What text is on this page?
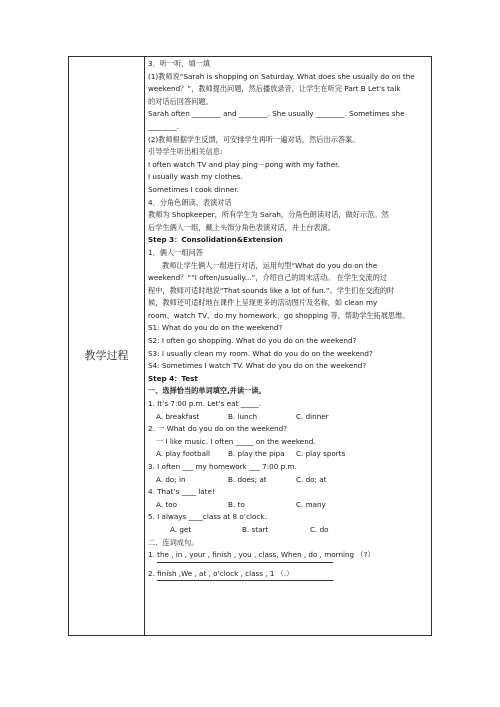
教学过程
3．听一听，填一填
(1)教师说“Sarah is shopping on Saturday. What does she usually do on the
weekend？”，教师提出问题，然后播放录音，让学生在听完 Part B Let's talk
的对话后回答问题。
Sarah often ________ and ________. She usually ________. Sometimes she
________.
(2)教师根据学生反馈，可安排学生再听一遍对话，然后出示答案。
引导学生听出相关信息：
I often watch TV and play ping－pong with my father.
I usually wash my clothes.
Sometimes I cook dinner.
4．分角色朗读、表演对话
教师为 Shopkeeper，所有学生为 Sarah，分角色朗读对话，做好示范。然
后学生俩人一组，戴上头饰分角色表演对话，并上台表演。
Step 3：Consolidation&Extension
1．俩人一组问答
教师让学生俩人一组进行对话，运用句型“What do you do on the
weekend？”“I often/usually...”，介绍自己的周末活动。 在学生交流的过
程中，教师可适时地说“That sounds like a lot of fun.”。学生们在交流的时
候，教师还可适时地在课件上呈现更多的活动图片及名称，如 clean my
room、watch TV、do my homework、go shopping 等，帮助学生拓展思维。
S1: What do you do on the weekend?
S2: I often go shopping. What do you do on the weekend?
S3: I usually clean my room. What do you do on the weekend?
S4: Sometimes I watch TV. What do you do on the weekend?
Step 4：Test
一、选择恰当的单词填空,并读一读。
1. It’s 7:00 p.m. Let’s eat _____.
A. breakfast	B. lunch	C. dinner
2. 一 What do you do on the weekend?
一 I like music. I often _____ on the weekend.
A. play football	B. play the pipa	C. play sports
3. I often ___ my homework ___ 7:00 p.m.
A. do; in	B. does; at	C. do; at
4. That’s ____ late!
A. too	B. to	C. many
5. I always ____class at 8 o’clock.
A. get	B. start	C. do
二、连词成句。
1. the , in , your , finish , you , class, When , do , morning （?）
2. finish ,We , at , o’clock , class , 1 （.）
